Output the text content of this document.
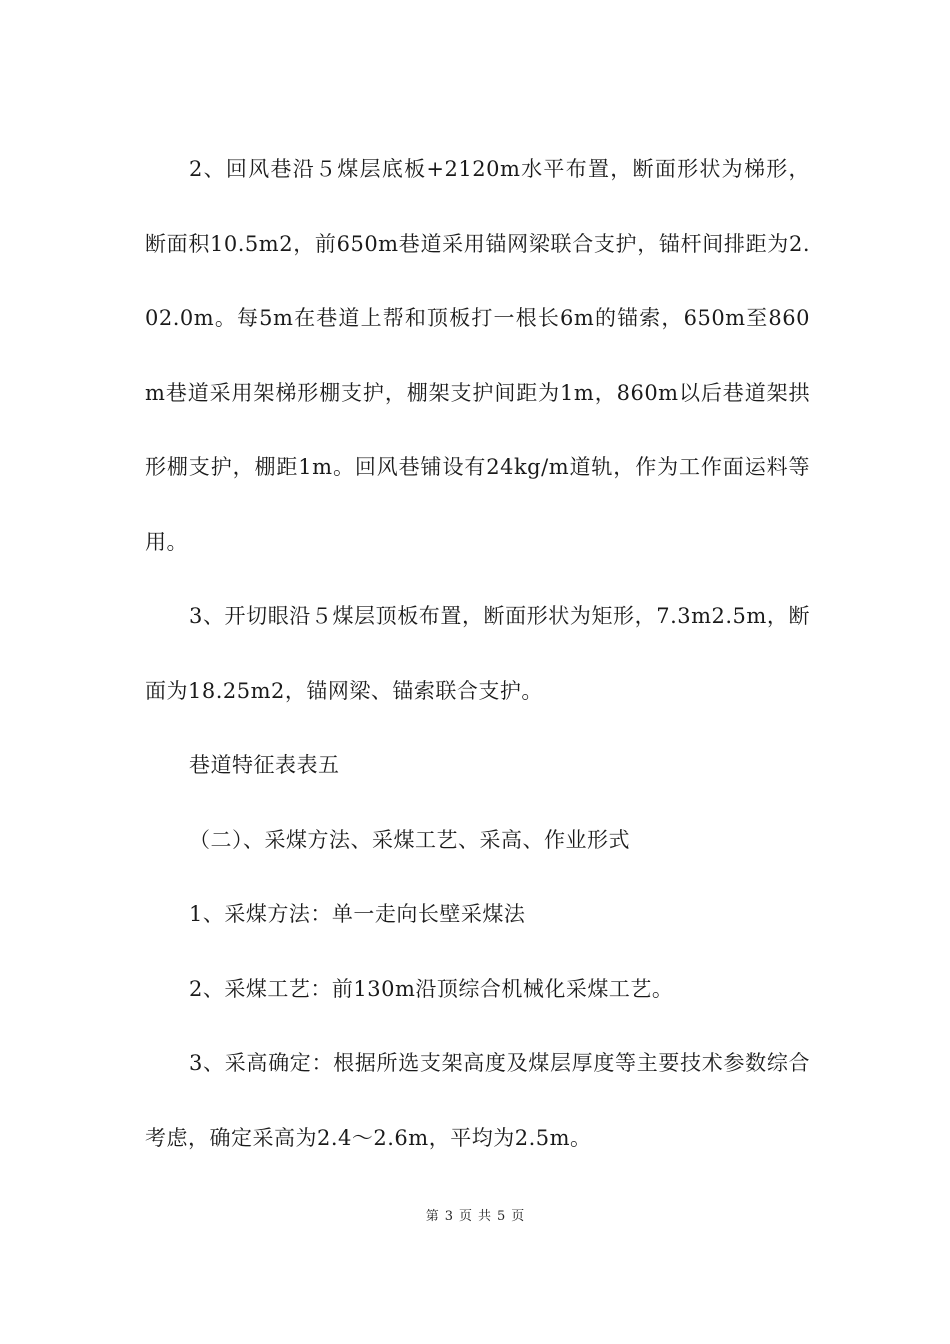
2、回风巷沿５煤层底板+2120m水平布置，断面形状为梯形，断面积10.5m2，前650m巷道采用锚网梁联合支护，锚杆间排距为2.02.0m。每5m在巷道上帮和顶板打一根长6m的锚索，650m至860m巷道采用架梯形棚支护，棚架支护间距为1m，860m以后巷道架拱形棚支护，棚距1m。回风巷铺设有24kg/m道轨，作为工作面运料等用。

3、开切眼沿５煤层顶板布置，断面形状为矩形，7.3m2.5m，断面为18.25m2，锚网梁、锚索联合支护。

巷道特征表表五

（二）、采煤方法、采煤工艺、采高、作业形式

1、采煤方法：单一走向长壁采煤法

2、采煤工艺：前130m沿顶综合机械化采煤工艺。

3、采高确定：根据所选支架高度及煤层厚度等主要技术参数综合考虑，确定采高为2.4～2.6m，平均为2.5m。

第 3 页 共 5 页
